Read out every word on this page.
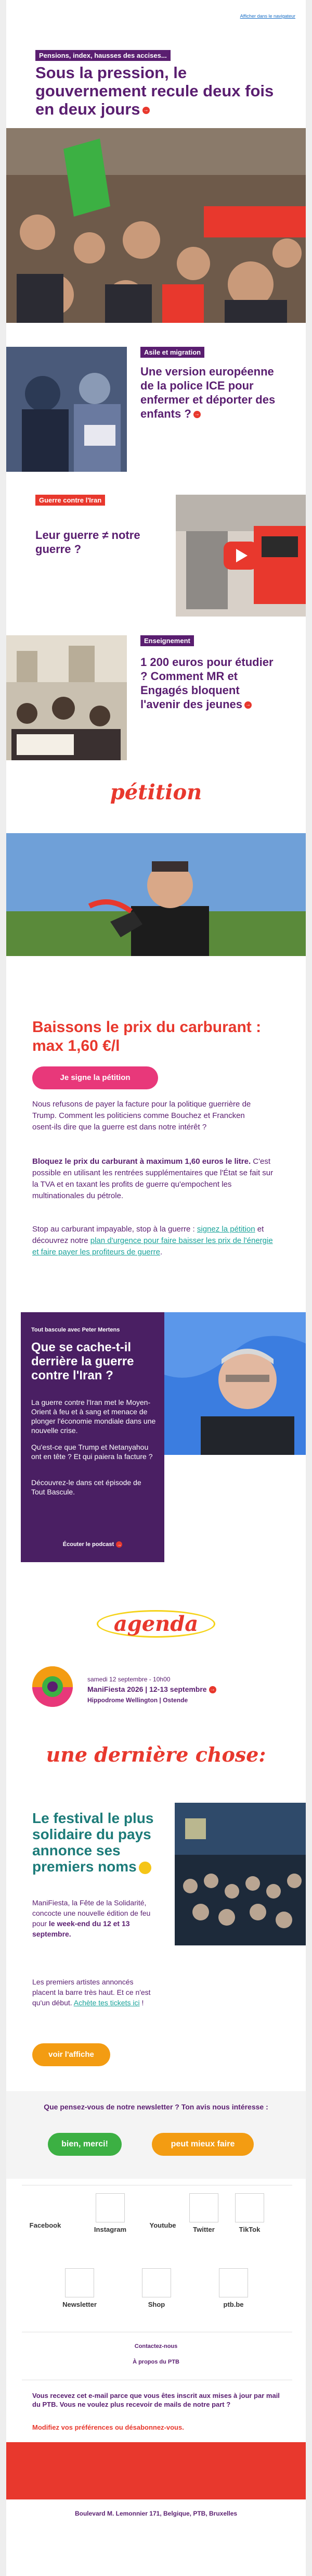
Afficher dans le navigateur
Pensions, index, hausses des accises...
Sous la pression, le gouvernement recule deux fois en deux jours →
Asile et migration
Une version européenne de la police ICE pour enfermer et déporter des enfants ? →
Guerre contre l'Iran
Leur guerre ≠ notre guerre ?
Enseignement
1 200 euros pour étudier ? Comment MR et Engagés bloquent l'avenir des jeunes →
pétition
Baissons le prix du carburant : max 1,60 €/l
Je signe la pétition

Nous refusons de payer la facture pour la politique guerrière de Trump. Comment les politiciens comme Bouchez et Francken osent-ils dire que la guerre est dans notre intérêt ?

Bloquez le prix du carburant à maximum 1,60 euros le litre. C'est possible en utilisant les rentrées supplémentaires que l'État se fait sur la TVA et en taxant les profits de guerre qu'empochent les multinationales du pétrole.

Stop au carburant impayable, stop à la guerre : signez la pétition et découvrez notre plan d'urgence pour faire baisser les prix de l'énergie et faire payer les profiteurs de guerre.

Tout bascule avec Peter Mertens
Que se cache-t-il derrière la guerre contre l'Iran ?
La guerre contre l'Iran met le Moyen-Orient à feu et à sang et menace de plonger l'économie mondiale dans une nouvelle crise.
Qu'est-ce que Trump et Netanyahou ont en tête ? Et qui paiera la facture ?
Découvrez-le dans cet épisode de Tout Bascule.
Écouter le podcast →
agenda
samedi 12 septembre - 10h00
ManiFiesta 2026 | 12-13 septembre →
Hippodrome Wellington | Ostende
une dernière chose:
Le festival le plus solidaire du pays annonce ses premiers noms

ManiFiesta, la Fête de la Solidarité, concocte une nouvelle édition de feu pour le week-end du 12 et 13 septembre.

Les premiers artistes annoncés placent la barre très haut. Et ce n'est qu'un début. Achète tes tickets ici !

voir l'affiche
Que pensez-vous de notre newsletter ? Ton avis nous intéresse :
bien, merci!	peut mieux faire
Facebook
Instagram
Youtube
Twitter	TikTok
Newsletter	Shop	ptb.be
Contactez-nous
À propos du PTB
Vous recevez cet e-mail parce que vous êtes inscrit aux mises à jour par mail du PTB. Vous ne voulez plus recevoir de mails de notre part ?
Modifiez vos préférences ou désabonnez-vous.
Boulevard M. Lemonnier 171, Belgique, PTB, Bruxelles
